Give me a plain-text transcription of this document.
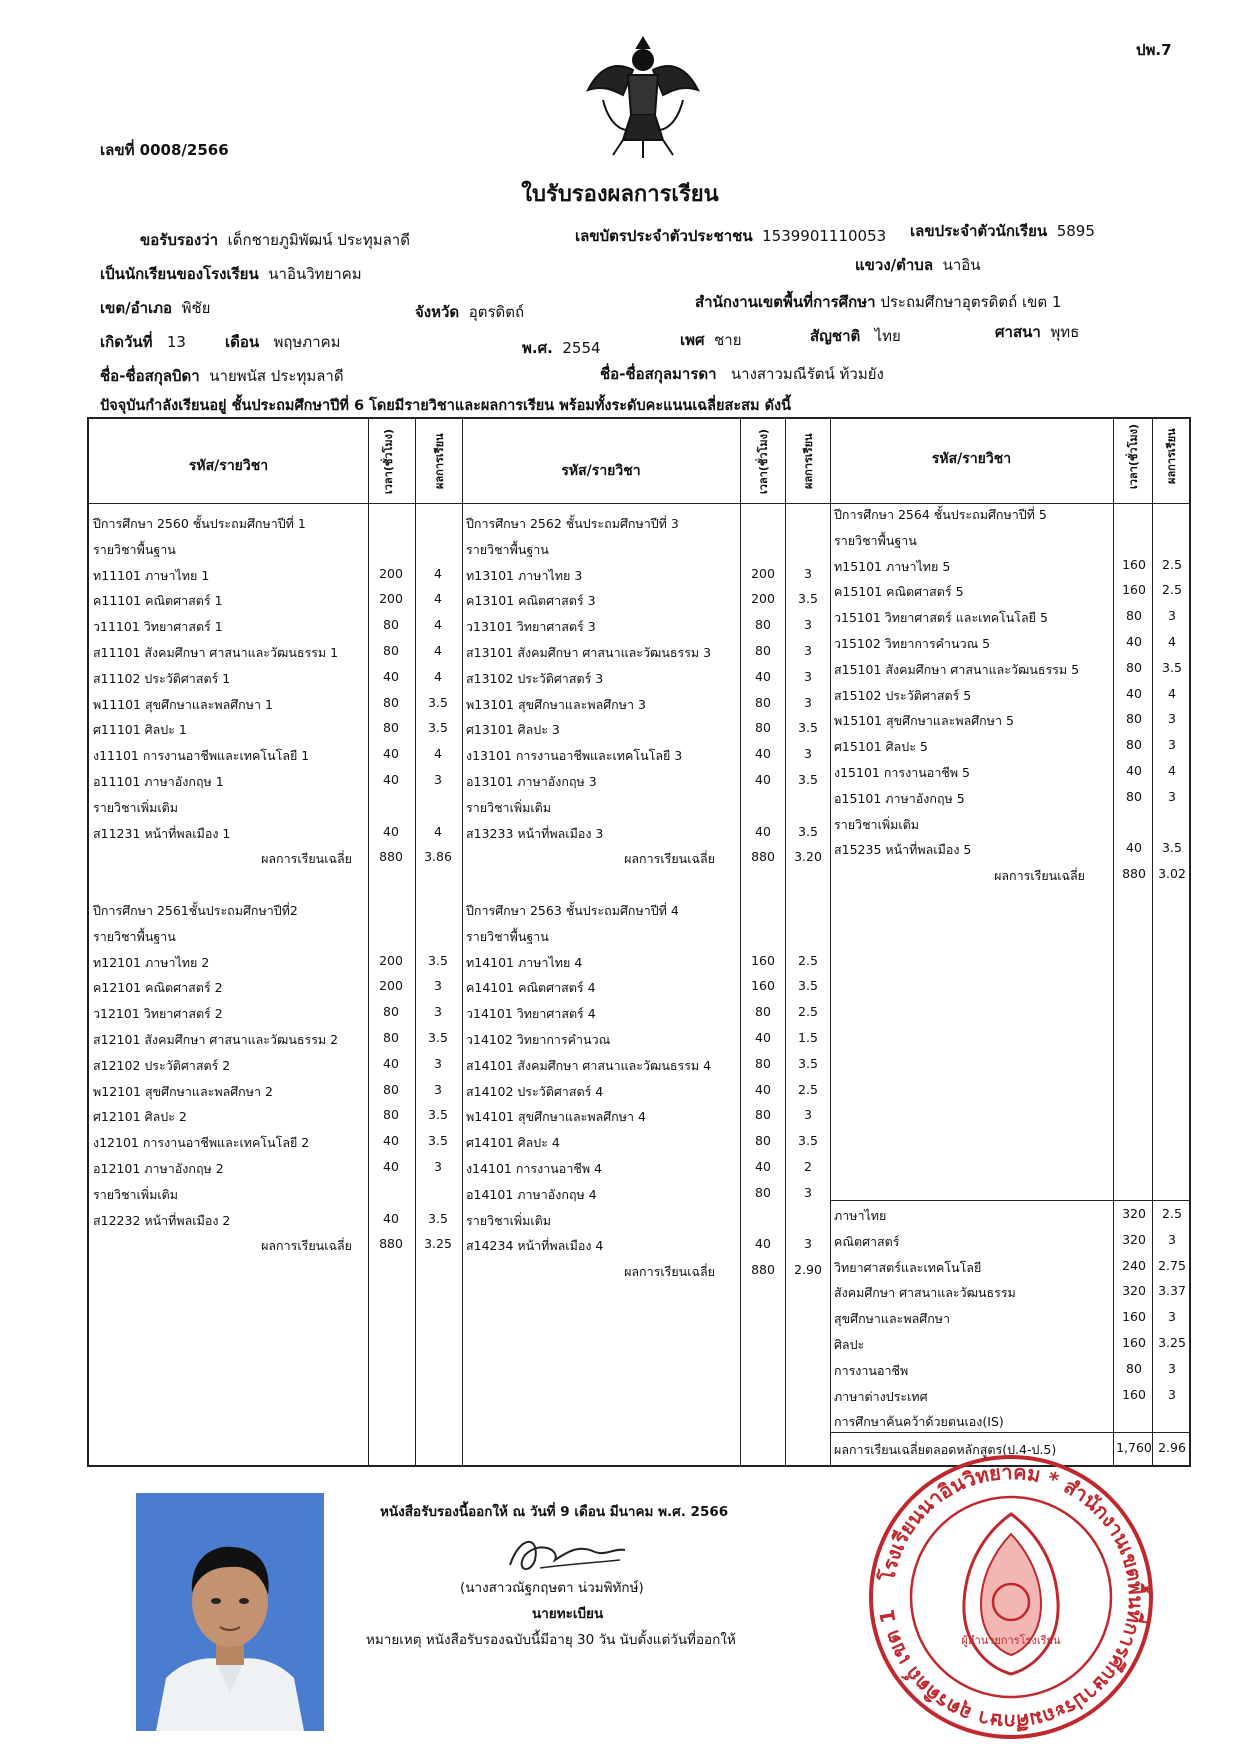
ปพ.7
เลขที่ 0008/2566
ใบรับรองผลการเรียน
ขอรับรองว่า เด็กชายภูมิพัฒน์ ประทุมลาดี	เลขบัตรประจำตัวประชาชน 1539901110053 เลขประจำตัวนักเรียน 5895
เป็นนักเรียนของโรงเรียน นาอินวิทยาคม	แขวง/ตำบล นาอิน
เขต/อำเภอ พิชัย	จังหวัด อุตรดิตถ์
สำนักงานเขตพื้นที่การศึกษา ประถมศึกษาอุตรดิตถ์ เขต 1
เกิดวันที่ 13	เดือน พฤษภาคม	พ.ศ. 2554	เพศ ชาย	สัญชาติ ไทย	ศาสนา พุทธ
ชื่อ-ชื่อสกุลบิดา นายพนัส ประทุมลาดี	ชื่อ-ชื่อสกุลมารดา นางสาวมณีรัตน์ ท้วมยัง
ปัจจุบันกำลังเรียนอยู่ ชั้นประถมศึกษาปีที่ 6 โดยมีรายวิชาและผลการเรียน พร้อมทั้งระดับคะแนนเฉลี่ยสะสม ดังนี้
รหัส/รายวิชา	เวลา(ชั่วโมง)	ผลการเรียน	รหัส/รายวิชา	เวลา(ชั่วโมง)	ผลการเรียน	รหัส/รายวิชา	เวลา(ชั่วโมง) ผลการเรียน
ปีการศึกษา 2560 ชั้นประถมศึกษาปีที่ 1
รายวิชาพื้นฐาน
ท11101 ภาษาไทย 1	200	4
ค11101 คณิตศาสตร์ 1	200	4
ว11101 วิทยาศาสตร์ 1	80	4
ส11101 สังคมศึกษา ศาสนาและวัฒนธรรม 1	80	4
ส11102 ประวัติศาสตร์ 1	40	4
พ11101 สุขศึกษาและพลศึกษา 1	80	3.5
ศ11101 ศิลปะ 1	80	3.5
ง11101 การงานอาชีพและเทคโนโลยี 1	40	4
อ11101 ภาษาอังกฤษ 1	40	3
รายวิชาเพิ่มเติม
ส11231 หน้าที่พลเมือง 1	40	4
ผลการเรียนเฉลี่ย	880	3.86
ปีการศึกษา 2561ชั้นประถมศึกษาปีที่2
รายวิชาพื้นฐาน
ท12101 ภาษาไทย 2	200	3.5
ค12101 คณิตศาสตร์ 2	200	3
ว12101 วิทยาศาสตร์ 2	80	3
ส12101 สังคมศึกษา ศาสนาและวัฒนธรรม 2	80	3.5
ส12102 ประวัติศาสตร์ 2	40	3
พ12101 สุขศึกษาและพลศึกษา 2	80	3
ศ12101 ศิลปะ 2	80	3.5
ง12101 การงานอาชีพและเทคโนโลยี 2	40	3.5
อ12101 ภาษาอังกฤษ 2	40	3
รายวิชาเพิ่มเติม
ส12232 หน้าที่พลเมือง 2	40	3.5
ผลการเรียนเฉลี่ย	880	3.25
ปีการศึกษา 2562 ชั้นประถมศึกษาปีที่ 3
รายวิชาพื้นฐาน
ท13101 ภาษาไทย 3	200	3
ค13101 คณิตศาสตร์ 3	200	3.5
ว13101 วิทยาศาสตร์ 3	80	3
ส13101 สังคมศึกษา ศาสนาและวัฒนธรรม 3	80	3
ส13102 ประวัติศาสตร์ 3	40	3
พ13101 สุขศึกษาและพลศึกษา 3	80	3
ศ13101 ศิลปะ 3	80	3.5
ง13101 การงานอาชีพและเทคโนโลยี 3	40	3
อ13101 ภาษาอังกฤษ 3	40	3.5
รายวิชาเพิ่มเติม
ส13233 หน้าที่พลเมือง 3	40	3.5
ผลการเรียนเฉลี่ย	880	3.20
ปีการศึกษา 2563 ชั้นประถมศึกษาปีที่ 4
รายวิชาพื้นฐาน
ท14101 ภาษาไทย 4	160	2.5
ค14101 คณิตศาสตร์ 4	160	3.5
ว14101 วิทยาศาสตร์ 4	80	2.5
ว14102 วิทยาการคำนวณ	40	1.5
ส14101 สังคมศึกษา ศาสนาและวัฒนธรรม 4	80	3.5
ส14102 ประวัติศาสตร์ 4	40	2.5
พ14101 สุขศึกษาและพลศึกษา 4	80	3
ศ14101 ศิลปะ 4	80	3.5
ง14101 การงานอาชีพ 4	40	2
อ14101 ภาษาอังกฤษ 4	80	3
รายวิชาเพิ่มเติม
ส14234 หน้าที่พลเมือง 4	40	3
ผลการเรียนเฉลี่ย	880	2.90
ปีการศึกษา 2564 ชั้นประถมศึกษาปีที่ 5
รายวิชาพื้นฐาน
ท15101 ภาษาไทย 5	160	2.5
ค15101 คณิตศาสตร์ 5	160	2.5
ว15101 วิทยาศาสตร์ และเทคโนโลยี 5	80	3
ว15102 วิทยาการคำนวณ 5	40	4
ส15101 สังคมศึกษา ศาสนาและวัฒนธรรม 5	80	3.5
ส15102 ประวัติศาสตร์ 5	40	4
พ15101 สุขศึกษาและพลศึกษา 5	80	3
ศ15101 ศิลปะ 5	80	3
ง15101 การงานอาชีพ 5	40	4
อ15101 ภาษาอังกฤษ 5	80	3
รายวิชาเพิ่มเติม
ส15235 หน้าที่พลเมือง 5	40	3.5
ผลการเรียนเฉลี่ย	880 3.02
ภาษาไทย	320	2.5
คณิตศาสตร์	320	3
วิทยาศาสตร์และเทคโนโลยี	240 2.75
สังคมศึกษา ศาสนาและวัฒนธรรม	320 3.37
สุขศึกษาและพลศึกษา	160	3
ศิลปะ	160 3.25
การงานอาชีพ	80	3
ภาษาต่างประเทศ	160	3
การศึกษาค้นคว้าด้วยตนเอง(IS)
ผลการเรียนเฉลี่ยตลอดหลักสูตร(ป.4-ป.5)	1,760 2.96
หนังสือรับรองนี้ออกให้ ณ วันที่ 9 เดือน มีนาคม พ.ศ. 2566
(นางสาวณัฐกฤษตา น่วมพิทักษ์)
นายทะเบียน
หมายเหตุ หนังสือรับรองฉบับนี้มีอายุ 30 วัน นับตั้งแต่วันที่ออกให้
โรงเรียนนาอินวิทยาคม * สำนักงานเขตพื้นที่การศึกษาประถมศึกษา อุตรดิตถ์ เขต 1
ผู้อำนวยการโรงเรียน
